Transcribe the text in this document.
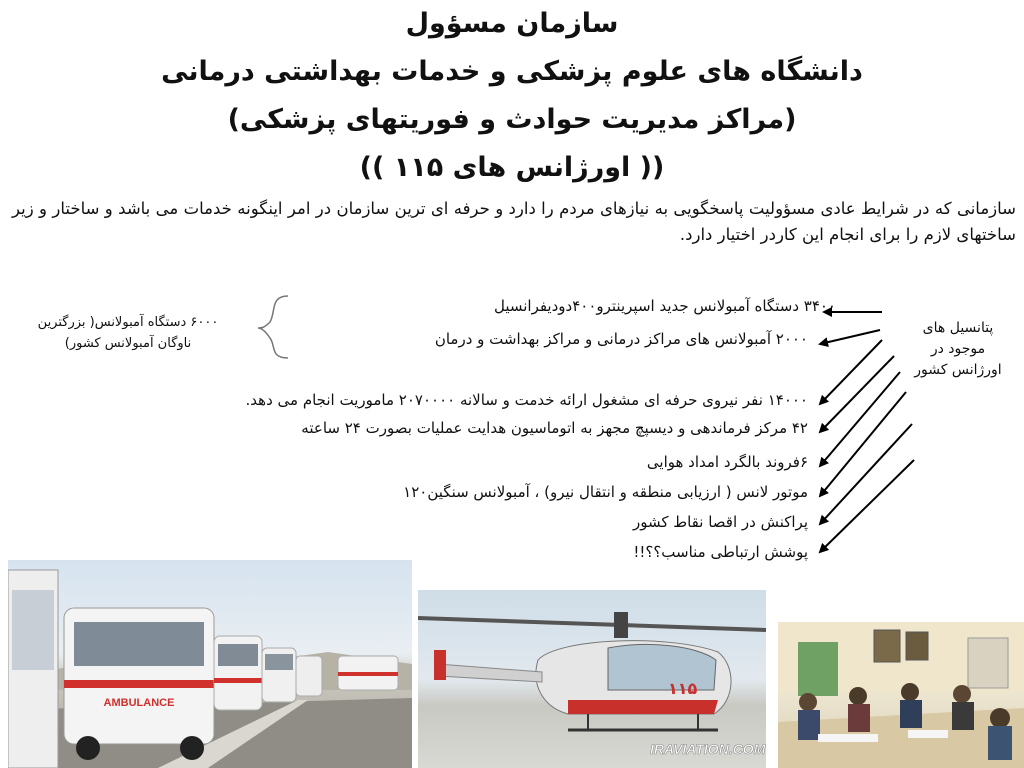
سازمان مسؤول
دانشگاه های علوم پزشکی و خدمات بهداشتی درمانی
(مراکز مدیریت حوادث و فوریتهای پزشکی)
(( اورژانس های ۱۱۵ ))

سازمانی که در شرایط عادی مسؤولیت پاسخگویی به نیازهای مردم را دارد و حرفه ای ترین سازمان در امر اینگونه خدمات می باشد و ساختار و زیر ساختهای لازم را برای انجام این کاردر اختیار دارد.

۳۴۰۰ دستگاه آمبولانس جدید اسپرینترو۴۰۰دودیفرانسیل
۲۰۰۰ آمبولانس های مراکز درمانی و مراکز بهداشت و درمان
۱۴۰۰۰ نفر نیروی حرفه ای مشغول ارائه خدمت و سالانه ۲۰۷۰۰۰۰ ماموریت انجام می دهد.
۴۲ مرکز فرماندهی و دیسپچ مجهز به اتوماسیون هدایت عملیات بصورت ۲۴ ساعته
۶فروند بالگرد امداد هوایی
موتور لانس ( ارزیابی منطقه و انتقال نیرو) ، آمبولانس سنگین۱۲۰
پراکنش در اقصا نقاط کشور
پوشش ارتباطی مناسب؟؟!!
۶۰۰۰ دستگاه آمبولانس( بزرگترین
ناوگان آمبولانس کشور)
پتانسیل های
موجود در
اورژانس کشور
AMBULANCE
۱۱۵
IRAVIATION.COM
